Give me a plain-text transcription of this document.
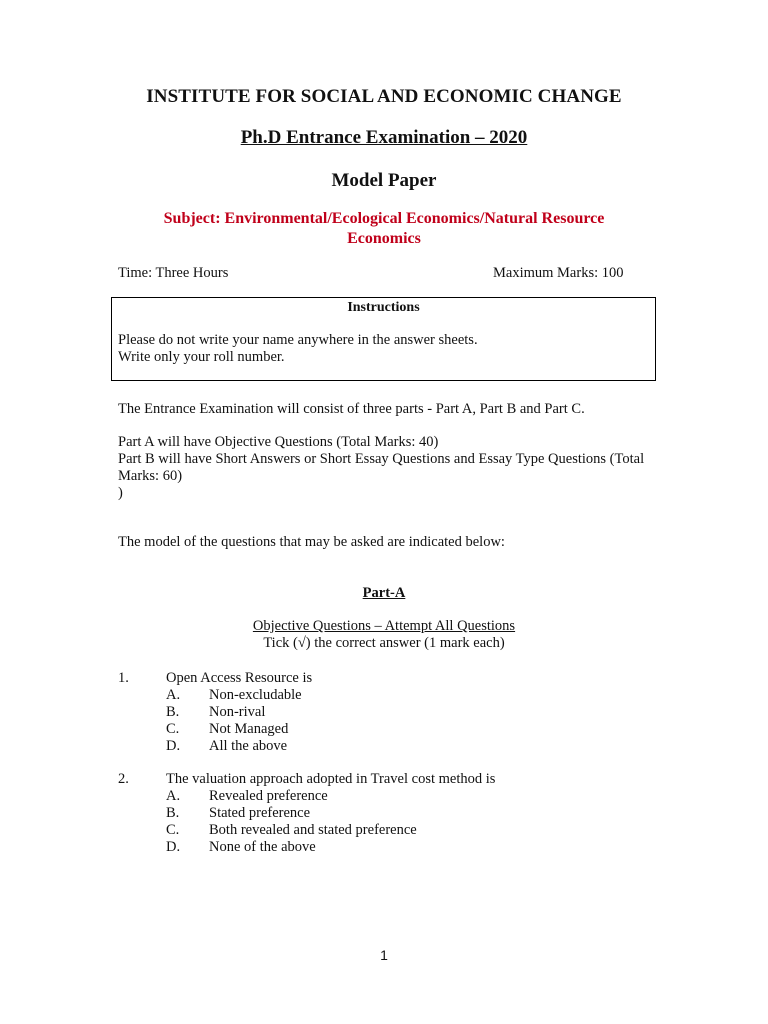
INSTITUTE FOR SOCIAL AND ECONOMIC CHANGE
Ph.D Entrance Examination – 2020
Model Paper
Subject: Environmental/Ecological Economics/Natural Resource
Economics
Time: Three Hours	Maximum Marks: 100
Instructions
Please do not write your name anywhere in the answer sheets.
Write only your roll number.
The Entrance Examination will consist of three parts - Part A, Part B and Part C.
Part A will have Objective Questions (Total Marks: 40)
Part B will have Short Answers or Short Essay Questions and Essay Type Questions (Total
Marks: 60)
)
The model of the questions that may be asked are indicated below:
Part-A
Objective Questions – Attempt All Questions
Tick (√) the correct answer (1 mark each)
1.	Open Access Resource is
A. Non-excludable
B. Non-rival
C. Not Managed
D. All the above
2.	The valuation approach adopted in Travel cost method is
A. Revealed preference
B. Stated preference
C. Both revealed and stated preference
D. None of the above
1
